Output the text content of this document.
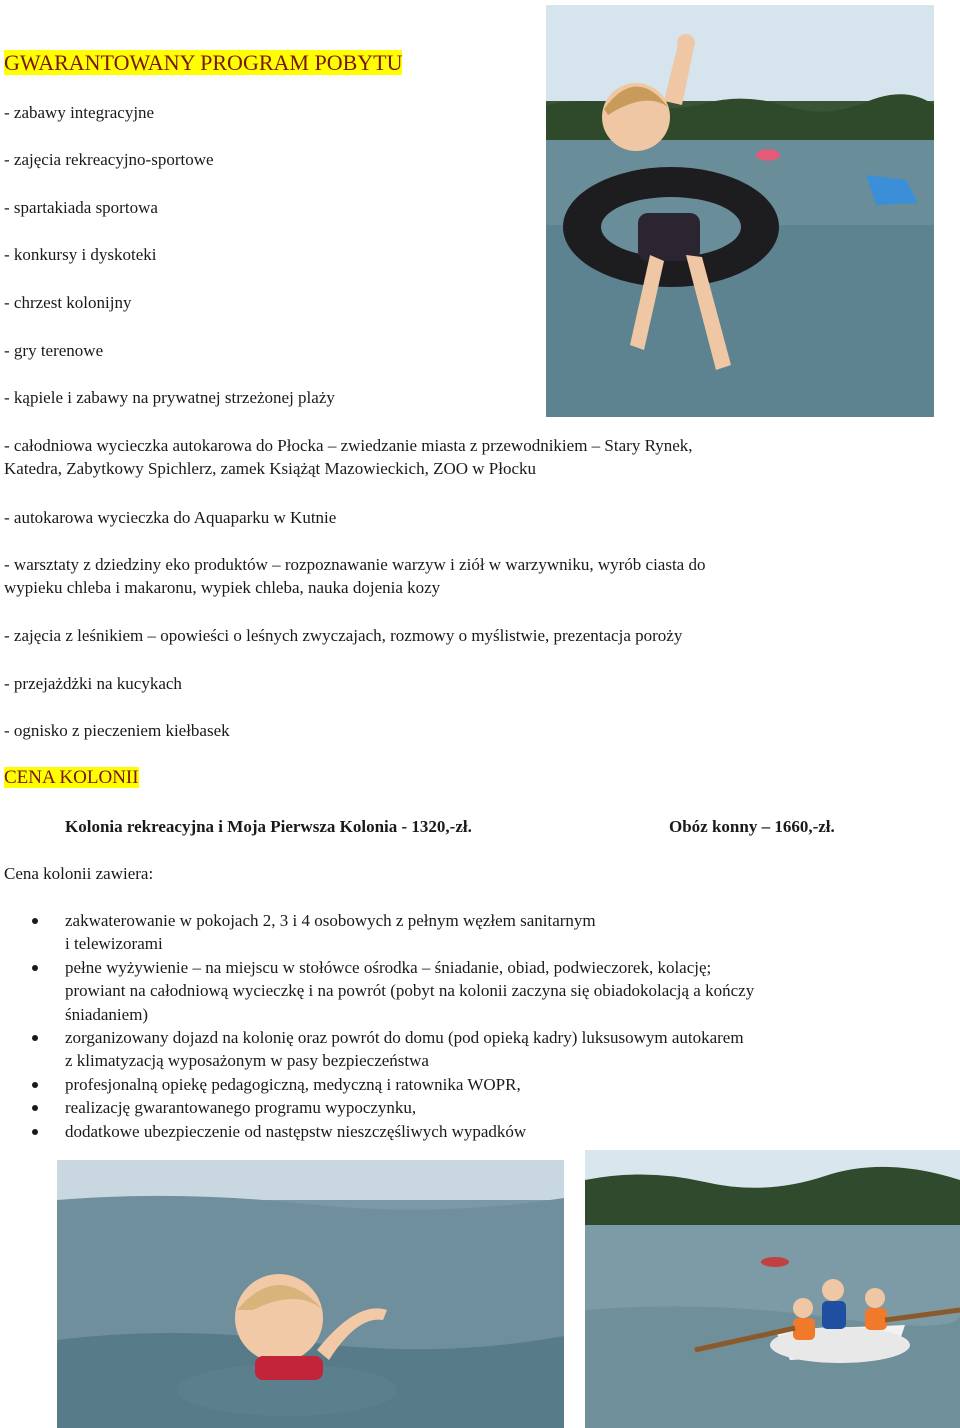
GWARANTOWANY PROGRAM POBYTU
- zabawy integracyjne
- zajęcia rekreacyjno-sportowe
- spartakiada sportowa
- konkursy i dyskoteki
- chrzest kolonijny
- gry terenowe
- kąpiele i zabawy na prywatnej strzeżonej plaży
- całodniowa wycieczka autokarowa do Płocka – zwiedzanie miasta z przewodnikiem – Stary Rynek,
Katedra, Zabytkowy Spichlerz, zamek Książąt Mazowieckich, ZOO w Płocku
- autokarowa wycieczka do Aquaparku w Kutnie
- warsztaty z dziedziny eko produktów – rozpoznawanie warzyw i ziół w warzywniku, wyrób ciasta do
wypieku chleba i makaronu, wypiek chleba, nauka dojenia kozy
- zajęcia z leśnikiem – opowieści o leśnych zwyczajach, rozmowy o myślistwie, prezentacja poroży
- przejażdżki na kucykach
- ognisko z pieczeniem kiełbasek
CENA KOLONII
Kolonia rekreacyjna i Moja Pierwsza Kolonia - 1320,-zł.	Obóz konny – 1660,-zł.
Cena kolonii zawiera:
zakwaterowanie w pokojach 2, 3 i 4 osobowych z pełnym węzłem sanitarnym
i telewizorami
pełne wyżywienie – na miejscu w stołówce ośrodka – śniadanie, obiad, podwieczorek, kolację;
prowiant na całodniową wycieczkę i na powrót (pobyt na kolonii zaczyna się obiadokolacją a kończy
śniadaniem)
zorganizowany dojazd na kolonię oraz powrót do domu (pod opieką kadry) luksusowym autokarem
z klimatyzacją wyposażonym w pasy bezpieczeństwa
profesjonalną opiekę pedagogiczną, medyczną i ratownika WOPR,
realizację gwarantowanego programu wypoczynku,
dodatkowe ubezpieczenie od następstw nieszczęśliwych wypadków
